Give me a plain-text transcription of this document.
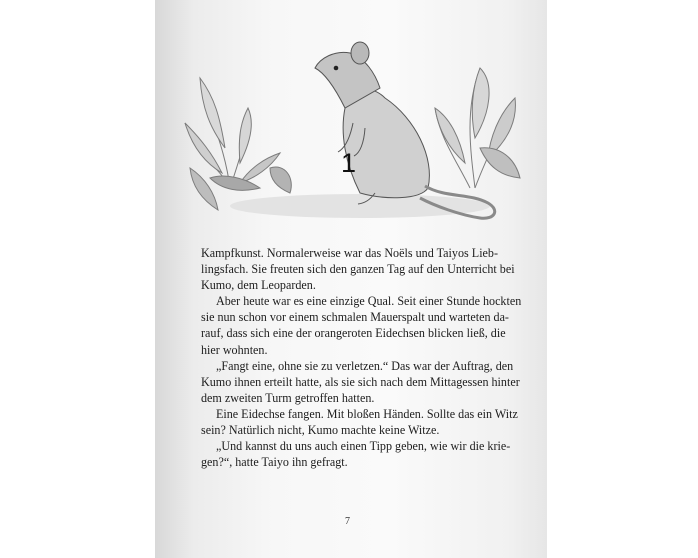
1

Kampfkunst. Normalerweise war das Noëls und Taiyos Lieb-
lingsfach. Sie freuten sich den ganzen Tag auf den Unterricht bei
Kumo, dem Leoparden.

Aber heute war es eine einzige Qual. Seit einer Stunde hockten
sie nun schon vor einem schmalen Mauerspalt und warteten da-
rauf, dass sich eine der orangeroten Eidechsen blicken ließ, die
hier wohnten.

„Fangt eine, ohne sie zu verletzen.“ Das war der Auftrag, den
Kumo ihnen erteilt hatte, als sie sich nach dem Mittagessen hinter
dem zweiten Turm getroffen hatten.

Eine Eidechse fangen. Mit bloßen Händen. Sollte das ein Witz
sein? Natürlich nicht, Kumo machte keine Witze.

„Und kannst du uns auch einen Tipp geben, wie wir die krie-
gen?“, hatte Taiyo ihn gefragt.

7
